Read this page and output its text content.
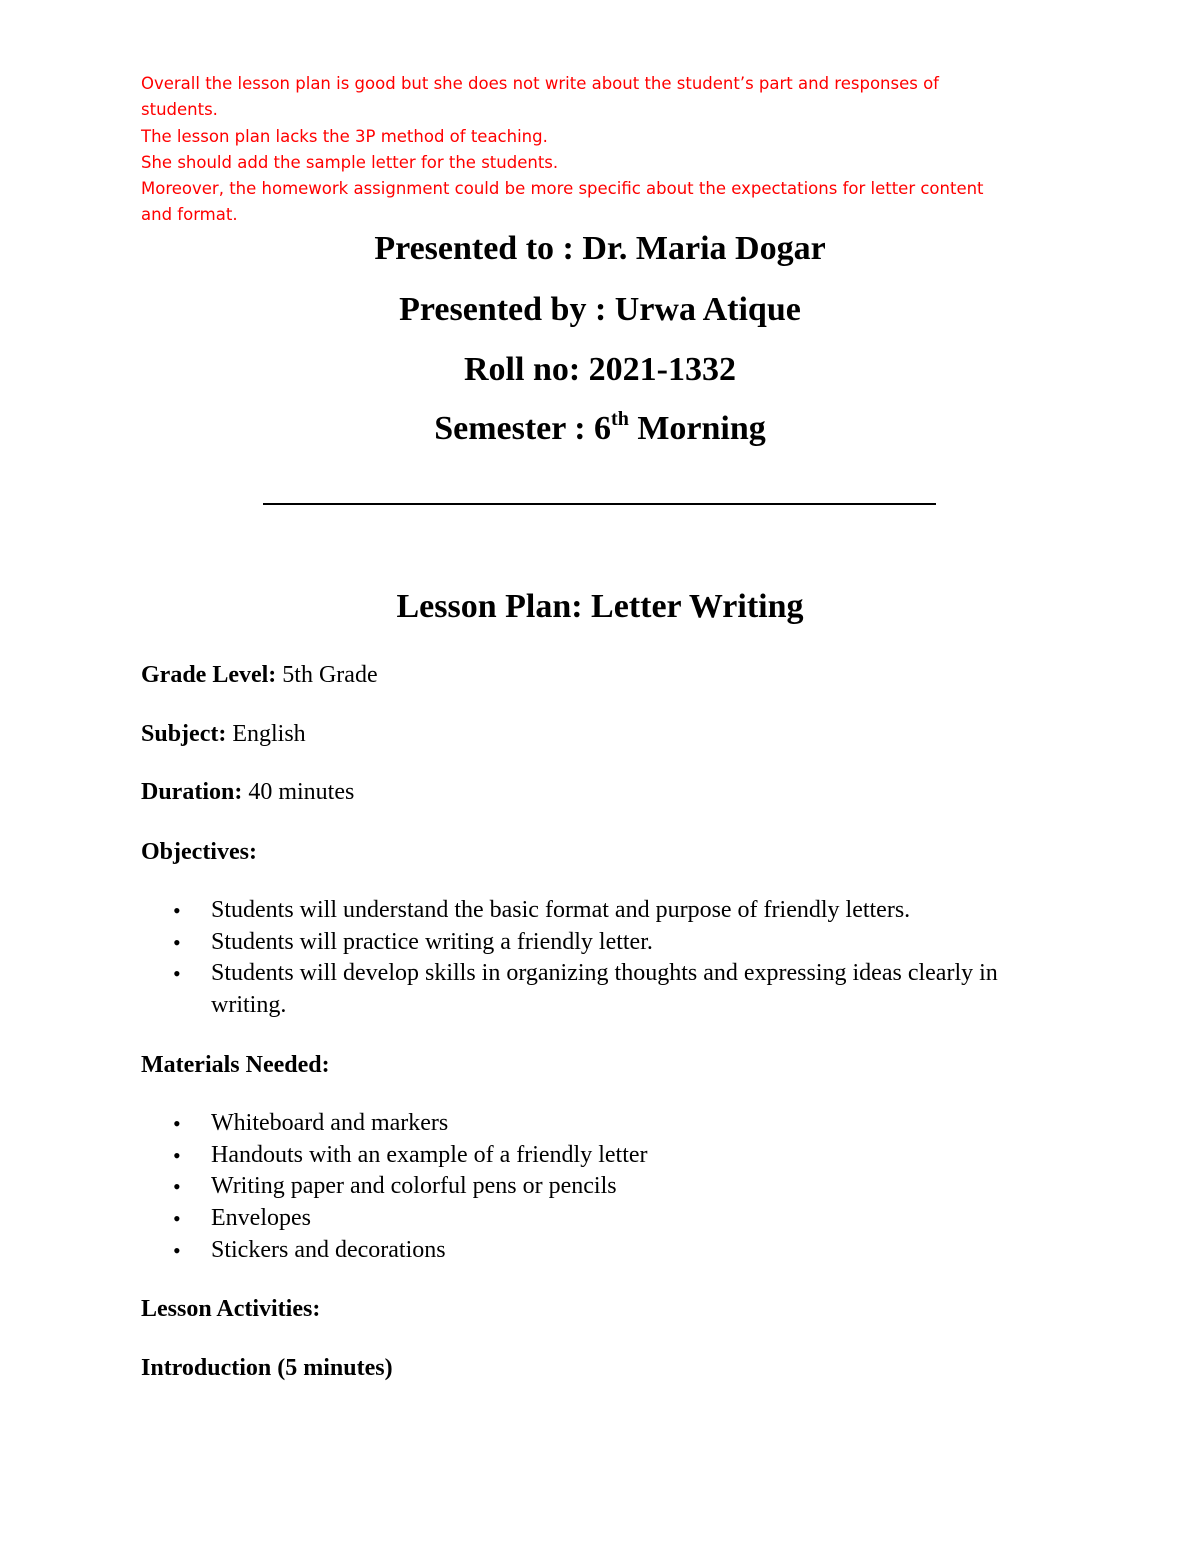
Overall the lesson plan is good but she does not write about the student’s part and responses of

students.

The lesson plan lacks the 3P method of teaching.

She should add the sample letter for the students.

Moreover, the homework assignment could be more specific about the expectations for letter content

and format.

Presented to : Dr. Maria Dogar

Presented by : Urwa Atique

Roll no: 2021-1332

Semester : 6th Morning

Lesson Plan: Letter Writing

Grade Level: 5th Grade

Subject: English

Duration: 40 minutes

Objectives:

• Students will understand the basic format and purpose of friendly letters.
• Students will practice writing a friendly letter.
• Students will develop skills in organizing thoughts and expressing ideas clearly in writing.

Materials Needed:

• Whiteboard and markers
• Handouts with an example of a friendly letter
• Writing paper and colorful pens or pencils
• Envelopes
• Stickers and decorations

Lesson Activities:

Introduction (5 minutes)
